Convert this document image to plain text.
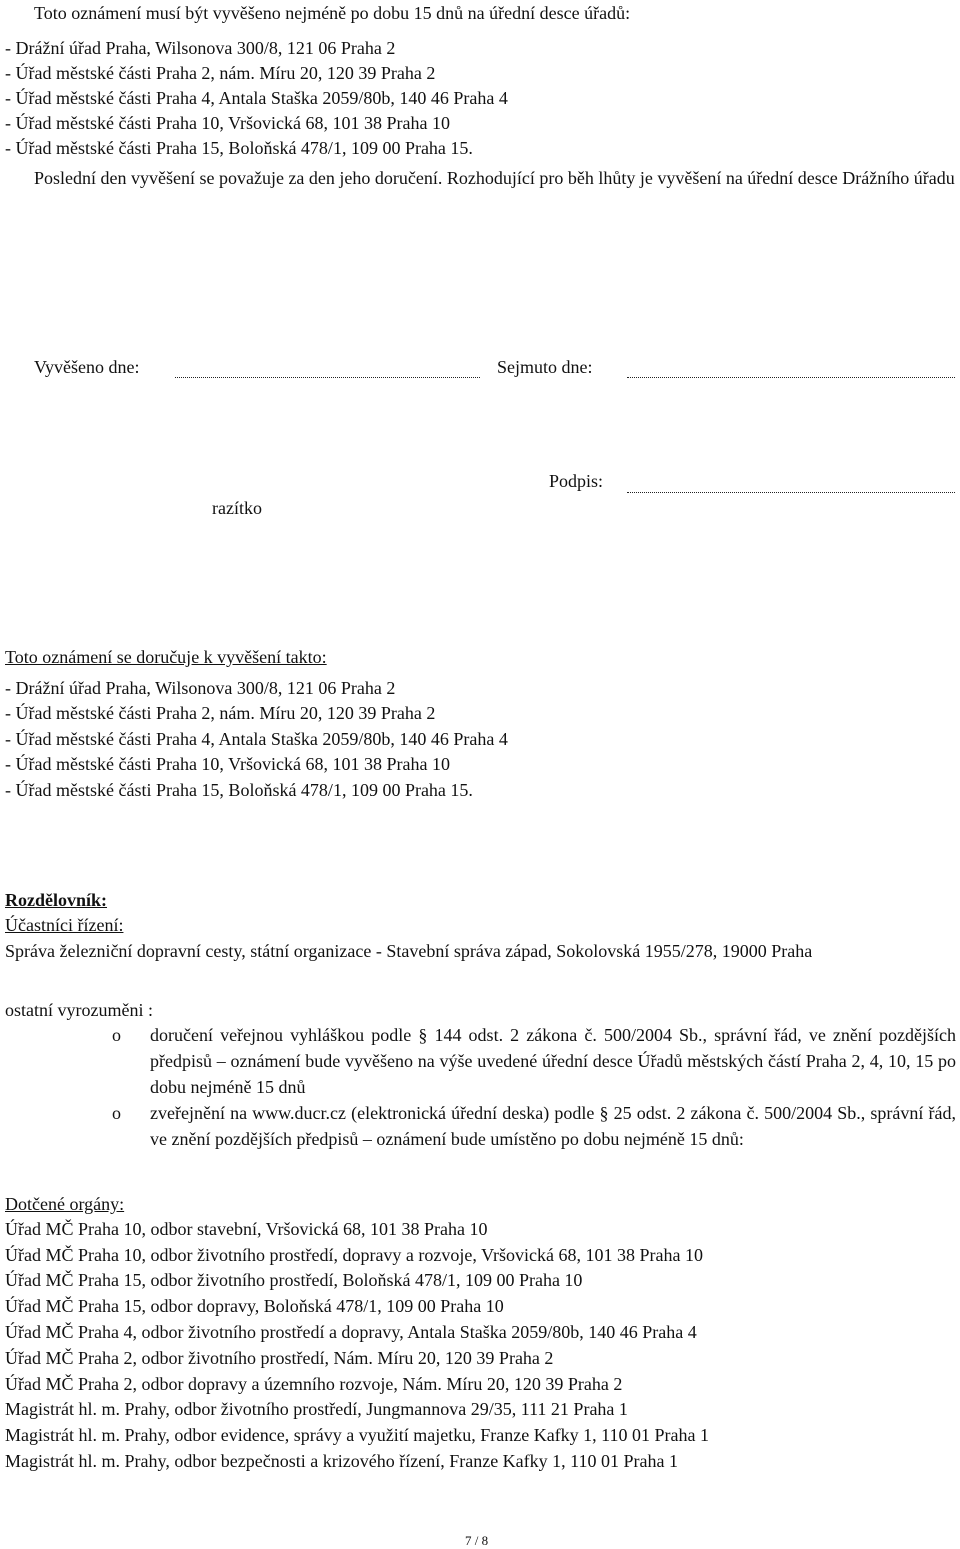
Toto oznámení musí být vyvěšeno nejméně po dobu 15 dnů na úřední desce úřadů:
- Drážní úřad Praha, Wilsonova 300/8, 121 06 Praha 2
- Úřad městské části Praha 2, nám. Míru 20, 120 39 Praha 2
- Úřad městské části Praha 4, Antala Staška 2059/80b, 140 46 Praha 4
- Úřad městské části Praha 10, Vršovická 68, 101 38 Praha 10
- Úřad městské části Praha 15, Boloňská 478/1, 109 00 Praha 15.
Poslední den vyvěšení se považuje za den jeho doručení. Rozhodující pro běh lhůty je vyvěšení na úřední desce Drážního úřadu
Vyvěšeno dne:	Sejmuto dne:
razítko
Podpis:
Toto oznámení se doručuje k vyvěšení takto:
- Drážní úřad Praha, Wilsonova 300/8, 121 06 Praha 2
- Úřad městské části Praha 2, nám. Míru 20, 120 39 Praha 2
- Úřad městské části Praha 4, Antala Staška 2059/80b, 140 46 Praha 4
- Úřad městské části Praha 10, Vršovická 68, 101 38 Praha 10
- Úřad městské části Praha 15, Boloňská 478/1, 109 00 Praha 15.
Rozdělovník:
Účastníci řízení:
Správa železniční dopravní cesty, státní organizace - Stavební správa západ, Sokolovská 1955/278, 19000 Praha
ostatní vyrozuměni :
o doručení veřejnou vyhláškou podle § 144 odst. 2 zákona č. 500/2004 Sb., správní řád, ve znění pozdějších předpisů – oznámení bude vyvěšeno na výše uvedené úřední desce Úřadů městských částí Praha 2, 4, 10, 15 po dobu nejméně 15 dnů
o zveřejnění na www.ducr.cz (elektronická úřední deska) podle § 25 odst. 2 zákona č. 500/2004 Sb., správní řád, ve znění pozdějších předpisů – oznámení bude umístěno po dobu nejméně 15 dnů:
Dotčené orgány:
Úřad MČ Praha 10, odbor stavební, Vršovická 68, 101 38 Praha 10
Úřad MČ Praha 10, odbor životního prostředí, dopravy a rozvoje, Vršovická 68, 101 38 Praha 10
Úřad MČ Praha 15, odbor životního prostředí, Boloňská 478/1, 109 00 Praha 10
Úřad MČ Praha 15, odbor dopravy, Boloňská 478/1, 109 00 Praha 10
Úřad MČ Praha 4, odbor životního prostředí a dopravy, Antala Staška 2059/80b, 140 46 Praha 4
Úřad MČ Praha 2, odbor životního prostředí, Nám. Míru 20, 120 39 Praha 2
Úřad MČ Praha 2, odbor dopravy a územního rozvoje, Nám. Míru 20, 120 39 Praha 2
Magistrát hl. m. Prahy, odbor životního prostředí, Jungmannova 29/35, 111 21 Praha 1
Magistrát hl. m. Prahy, odbor evidence, správy a využití majetku, Franze Kafky 1, 110 01 Praha 1
Magistrát hl. m. Prahy, odbor bezpečnosti a krizového řízení, Franze Kafky 1, 110 01 Praha 1
7 / 8
